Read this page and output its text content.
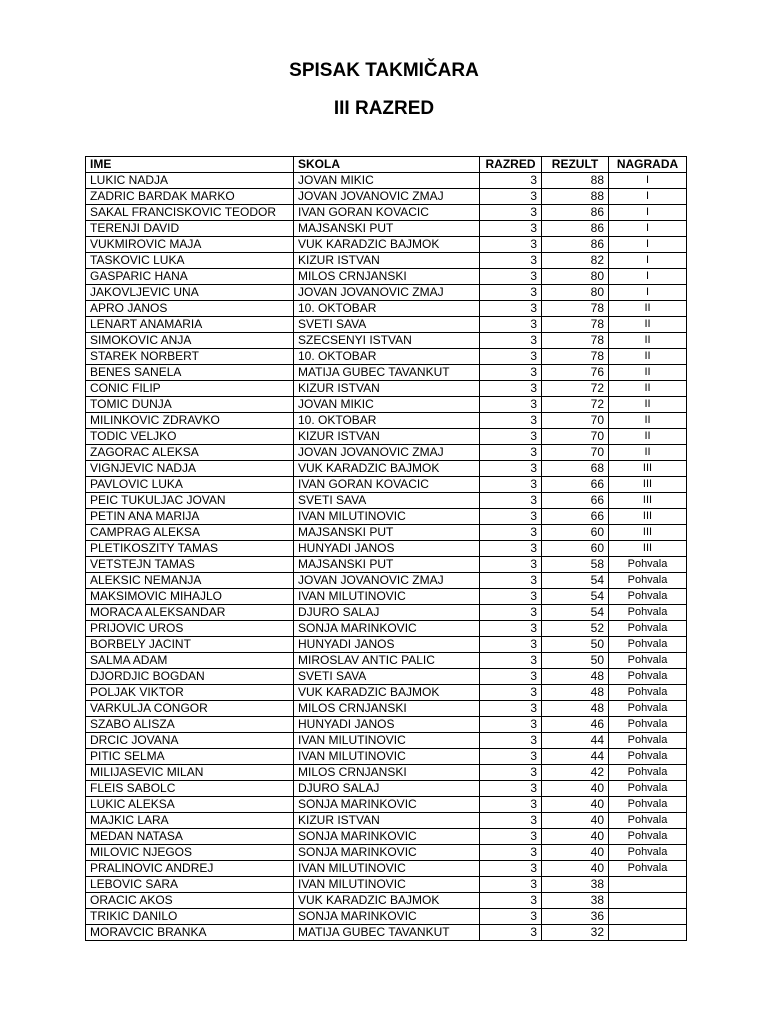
SPISAK TAKMIČARA
III RAZRED
IME	SKOLA	RAZRED	REZULT	NAGRADA
LUKIC NADJA	JOVAN MIKIC	3	88	I
ZADRIC BARDAK MARKO	JOVAN JOVANOVIC ZMAJ	3	88	I
SAKAL FRANCISKOVIC TEODOR	IVAN GORAN KOVACIC	3	86	I
TERENJI DAVID	MAJSANSKI PUT	3	86	I
VUKMIROVIC MAJA	VUK KARADZIC BAJMOK	3	86	I
TASKOVIC LUKA	KIZUR ISTVAN	3	82	I
GASPARIC HANA	MILOS CRNJANSKI	3	80	I
JAKOVLJEVIC UNA	JOVAN JOVANOVIC ZMAJ	3	80	I
APRO JANOS	10. OKTOBAR	3	78	II
LENART ANAMARIA	SVETI SAVA	3	78	II
SIMOKOVIC ANJA	SZECSENYI ISTVAN	3	78	II
STAREK NORBERT	10. OKTOBAR	3	78	II
BENES SANELA	MATIJA GUBEC TAVANKUT	3	76	II
CONIC FILIP	KIZUR ISTVAN	3	72	II
TOMIC DUNJA	JOVAN MIKIC	3	72	II
MILINKOVIC ZDRAVKO	10. OKTOBAR	3	70	II
TODIC VELJKO	KIZUR ISTVAN	3	70	II
ZAGORAC ALEKSA	JOVAN JOVANOVIC ZMAJ	3	70	II
VIGNJEVIC NADJA	VUK KARADZIC BAJMOK	3	68	III
PAVLOVIC LUKA	IVAN GORAN KOVACIC	3	66	III
PEIC TUKULJAC JOVAN	SVETI SAVA	3	66	III
PETIN ANA MARIJA	IVAN MILUTINOVIC	3	66	III
CAMPRAG ALEKSA	MAJSANSKI PUT	3	60	III
PLETIKOSZITY TAMAS	HUNYADI JANOS	3	60	III
VETSTEJN TAMAS	MAJSANSKI PUT	3	58	Pohvala
ALEKSIC NEMANJA	JOVAN JOVANOVIC ZMAJ	3	54	Pohvala
MAKSIMOVIC MIHAJLO	IVAN MILUTINOVIC	3	54	Pohvala
MORACA ALEKSANDAR	DJURO SALAJ	3	54	Pohvala
PRIJOVIC UROS	SONJA MARINKOVIC	3	52	Pohvala
BORBELY JACINT	HUNYADI JANOS	3	50	Pohvala
SALMA ADAM	MIROSLAV ANTIC PALIC	3	50	Pohvala
DJORDJIC BOGDAN	SVETI SAVA	3	48	Pohvala
POLJAK VIKTOR	VUK KARADZIC BAJMOK	3	48	Pohvala
VARKULJA CONGOR	MILOS CRNJANSKI	3	48	Pohvala
SZABO ALISZA	HUNYADI JANOS	3	46	Pohvala
DRCIC JOVANA	IVAN MILUTINOVIC	3	44	Pohvala
PITIC SELMA	IVAN MILUTINOVIC	3	44	Pohvala
MILIJASEVIC MILAN	MILOS CRNJANSKI	3	42	Pohvala
FLEIS SABOLC	DJURO SALAJ	3	40	Pohvala
LUKIC ALEKSA	SONJA MARINKOVIC	3	40	Pohvala
MAJKIC LARA	KIZUR ISTVAN	3	40	Pohvala
MEDAN NATASA	SONJA MARINKOVIC	3	40	Pohvala
MILOVIC NJEGOS	SONJA MARINKOVIC	3	40	Pohvala
PRALINOVIC ANDREJ	IVAN MILUTINOVIC	3	40	Pohvala
LEBOVIC SARA	IVAN MILUTINOVIC	3	38	
ORACIC AKOS	VUK KARADZIC BAJMOK	3	38	
TRIKIC DANILO	SONJA MARINKOVIC	3	36	
MORAVCIC BRANKA	MATIJA GUBEC TAVANKUT	3	32	
